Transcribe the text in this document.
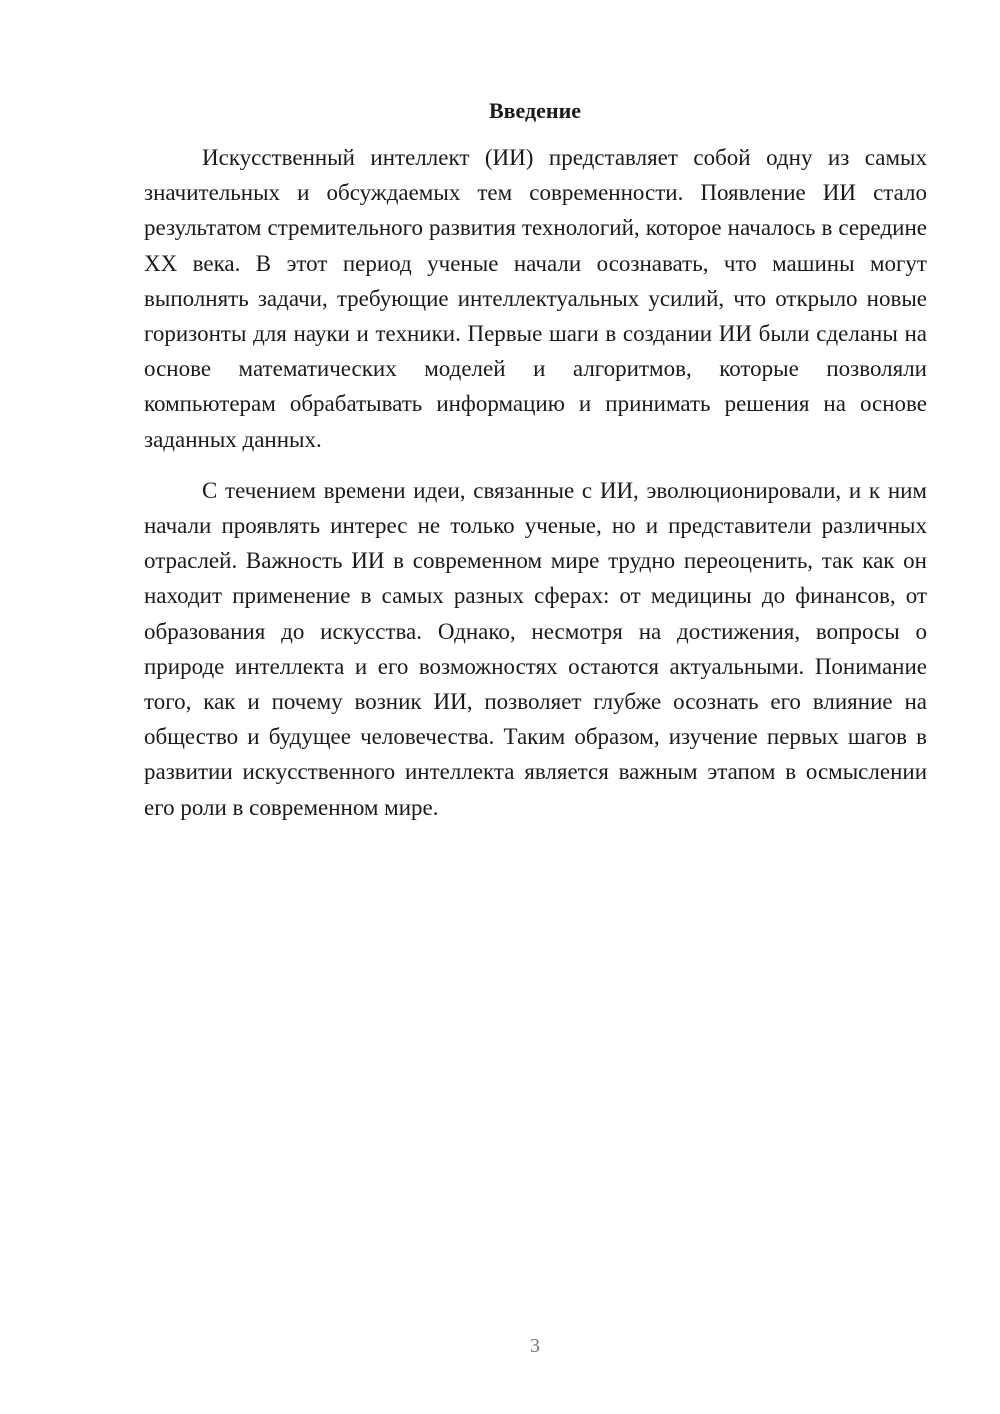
Введение

Искусственный интеллект (ИИ) представляет собой одну из самых значительных и обсуждаемых тем современности. Появление ИИ стало результатом стремительного развития технологий, которое началось в середине XX века. В этот период ученые начали осознавать, что машины могут выполнять задачи, требующие интеллектуальных усилий, что открыло новые горизонты для науки и техники. Первые шаги в создании ИИ были сделаны на основе математических моделей и алгоритмов, которые позволяли компьютерам обрабатывать информацию и принимать решения на основе заданных данных.

С течением времени идеи, связанные с ИИ, эволюционировали, и к ним начали проявлять интерес не только ученые, но и представители различных отраслей. Важность ИИ в современном мире трудно переоценить, так как он находит применение в самых разных сферах: от медицины до финансов, от образования до искусства. Однако, несмотря на достижения, вопросы о природе интеллекта и его возможностях остаются актуальными. Понимание того, как и почему возник ИИ, позволяет глубже осознать его влияние на общество и будущее человечества. Таким образом, изучение первых шагов в развитии искусственного интеллекта является важным этапом в осмыслении его роли в современном мире.

3
